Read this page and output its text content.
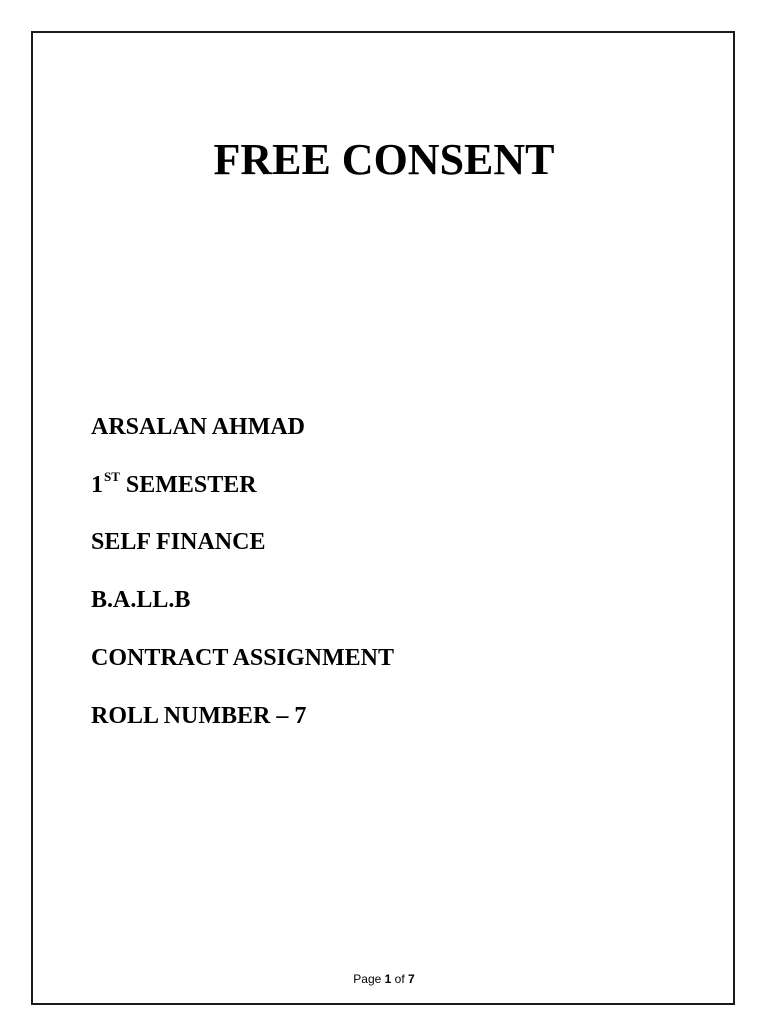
FREE CONSENT
ARSALAN AHMAD
1ST SEMESTER
SELF FINANCE
B.A.LL.B
CONTRACT ASSIGNMENT
ROLL NUMBER – 7
Page 1 of 7
